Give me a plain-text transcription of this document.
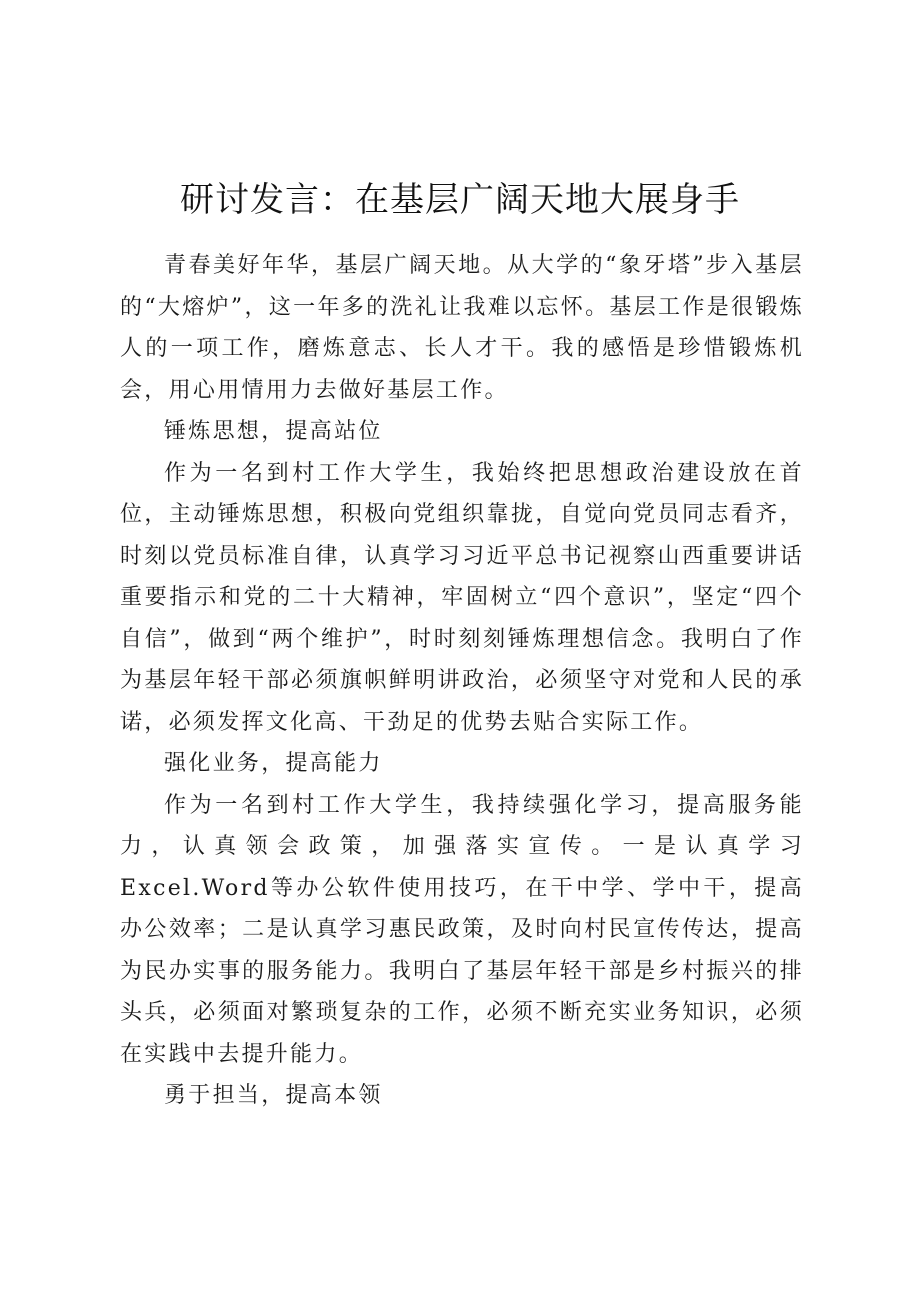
研讨发言：在基层广阔天地大展身手

青春美好年华，基层广阔天地。从大学的“象牙塔”步入基层的“大熔炉”，这一年多的洗礼让我难以忘怀。基层工作是很锻炼人的一项工作，磨炼意志、长人才干。我的感悟是珍惜锻炼机会，用心用情用力去做好基层工作。

锤炼思想，提高站位

作为一名到村工作大学生，我始终把思想政治建设放在首位，主动锤炼思想，积极向党组织靠拢，自觉向党员同志看齐，时刻以党员标准自律，认真学习习近平总书记视察山西重要讲话重要指示和党的二十大精神，牢固树立“四个意识”，坚定“四个自信”，做到“两个维护”，时时刻刻锤炼理想信念。我明白了作为基层年轻干部必须旗帜鲜明讲政治，必须坚守对党和人民的承诺，必须发挥文化高、干劲足的优势去贴合实际工作。

强化业务，提高能力

作为一名到村工作大学生，我持续强化学习，提高服务能力，认真领会政策，加强落实宣传。一是认真学习Excel.Word等办公软件使用技巧，在干中学、学中干，提高办公效率；二是认真学习惠民政策，及时向村民宣传传达，提高为民办实事的服务能力。我明白了基层年轻干部是乡村振兴的排头兵，必须面对繁琐复杂的工作，必须不断充实业务知识，必须在实践中去提升能力。

勇于担当，提高本领
